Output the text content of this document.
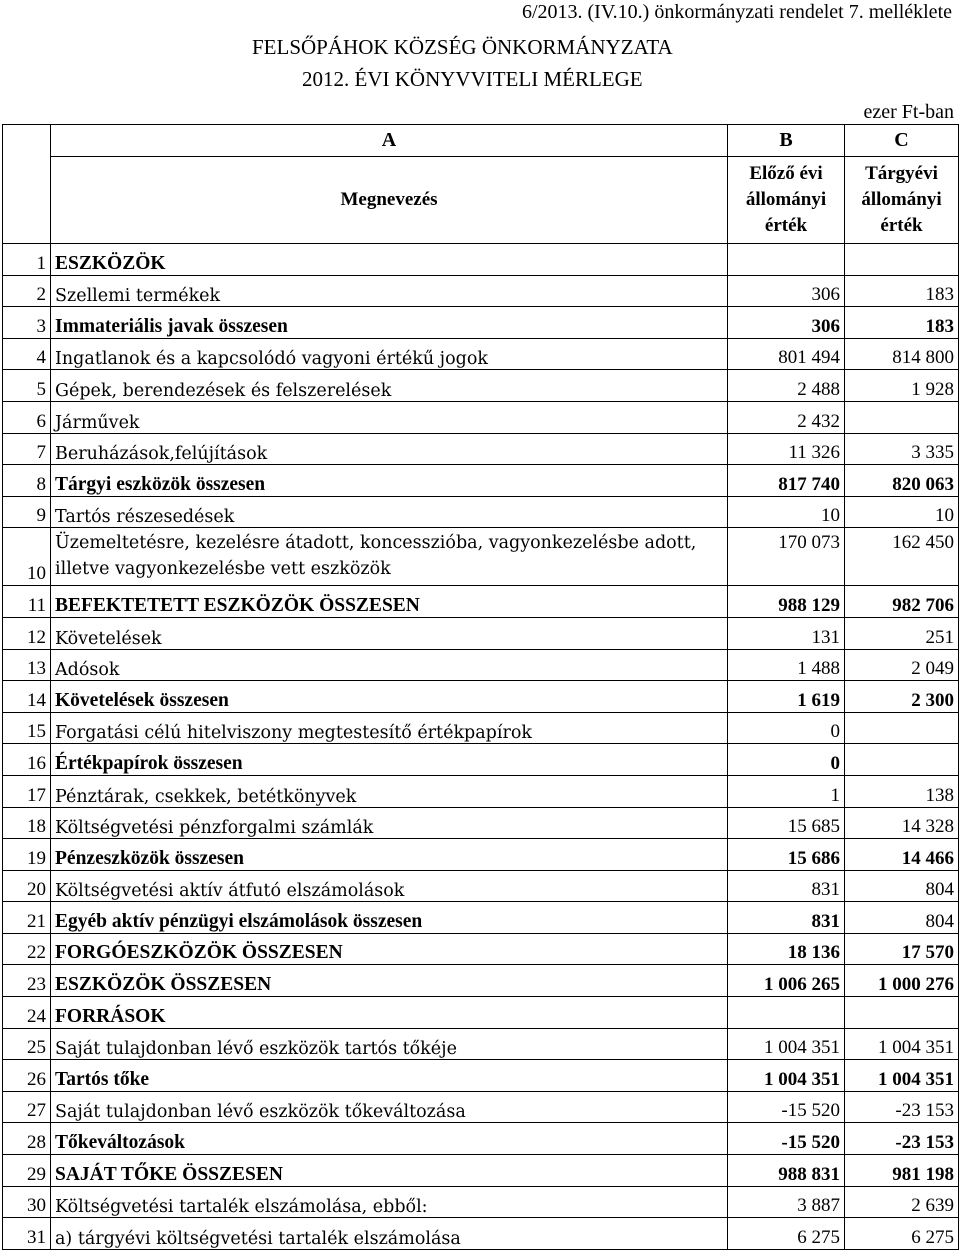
6/2013. (IV.10.) önkormányzati rendelet 7. melléklete
FELSŐPÁHOK KÖZSÉG ÖNKORMÁNYZATA
2012. ÉVI KÖNYVVITELI MÉRLEGE
ezer Ft-ban
	A	B	C
	Megnevezés	Előző évi állományi érték	Tárgyévi állományi érték
1	ESZKÖZÖK		
2	Szellemi termékek	306	183
3	Immateriális javak összesen	306	183
4	Ingatlanok és a kapcsolódó vagyoni értékű jogok	801 494	814 800
5	Gépek, berendezések és felszerelések	2 488	1 928
6	Járművek	2 432	
7	Beruházások,felújítások	11 326	3 335
8	Tárgyi eszközök összesen	817 740	820 063
9	Tartós részesedések	10	10
10	Üzemeltetésre, kezelésre átadott, koncesszióba, vagyonkezelésbe adott, illetve vagyonkezelésbe vett eszközök	170 073	162 450
11	BEFEKTETETT ESZKÖZÖK ÖSSZESEN	988 129	982 706
12	Követelések	131	251
13	Adósok	1 488	2 049
14	Követelések összesen	1 619	2 300
15	Forgatási célú hitelviszony megtestesítő értékpapírok	0	
16	Értékpapírok összesen	0	
17	Pénztárak, csekkek, betétkönyvek	1	138
18	Költségvetési pénzforgalmi számlák	15 685	14 328
19	Pénzeszközök összesen	15 686	14 466
20	Költségvetési aktív átfutó elszámolások	831	804
21	Egyéb aktív pénzügyi elszámolások összesen	831	804
22	FORGÓESZKÖZÖK ÖSSZESEN	18 136	17 570
23	ESZKÖZÖK ÖSSZESEN	1 006 265	1 000 276
24	FORRÁSOK		
25	Saját tulajdonban lévő eszközök tartós tőkéje	1 004 351	1 004 351
26	Tartós tőke	1 004 351	1 004 351
27	Saját tulajdonban lévő eszközök tőkeváltozása	-15 520	-23 153
28	Tőkeváltozások	-15 520	-23 153
29	SAJÁT TŐKE ÖSSZESEN	988 831	981 198
30	Költségvetési tartalék elszámolása, ebből:	3 887	2 639
31	a) tárgyévi költségvetési tartalék elszámolása	6 275	6 275
